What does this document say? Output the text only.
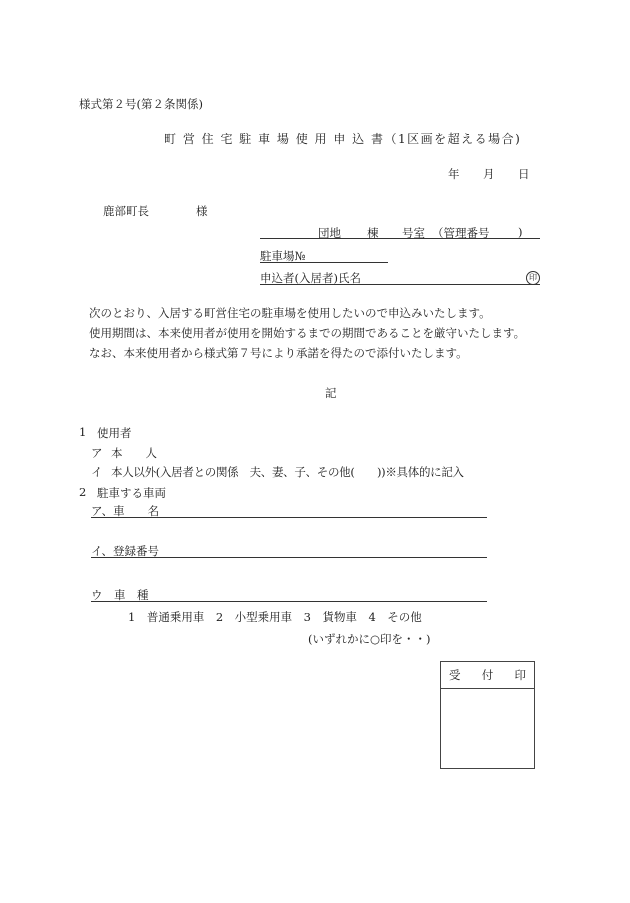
様式第２号(第２条関係)
町 営 住 宅 駐 車 場 使 用 申 込 書（1区画を超える場合)
年 月 日
鹿部町長	様
団地 棟 号室 （管理番号 )
駐車場№
申込者(入居者)氏名	印
次のとおり、入居する町営住宅の駐車場を使用したいので申込みいたします。
使用期間は、本来使用者が使用を開始するまでの期間であることを厳守いたします。
なお、本来使用者から様式第７号により承諾を得たので添付いたします。
記
1 使用者
ア 本　　人
イ 本人以外(入居者との関係　夫、妻、子、その他(　　))※具体的に記入
2 駐車する車両
ア、車　　名
イ、登録番号
ウ　車　種
1　普通乗用車　2　小型乗用車　3　貨物車　4　その他
(いずれかに○印を・・)
受 付 印
